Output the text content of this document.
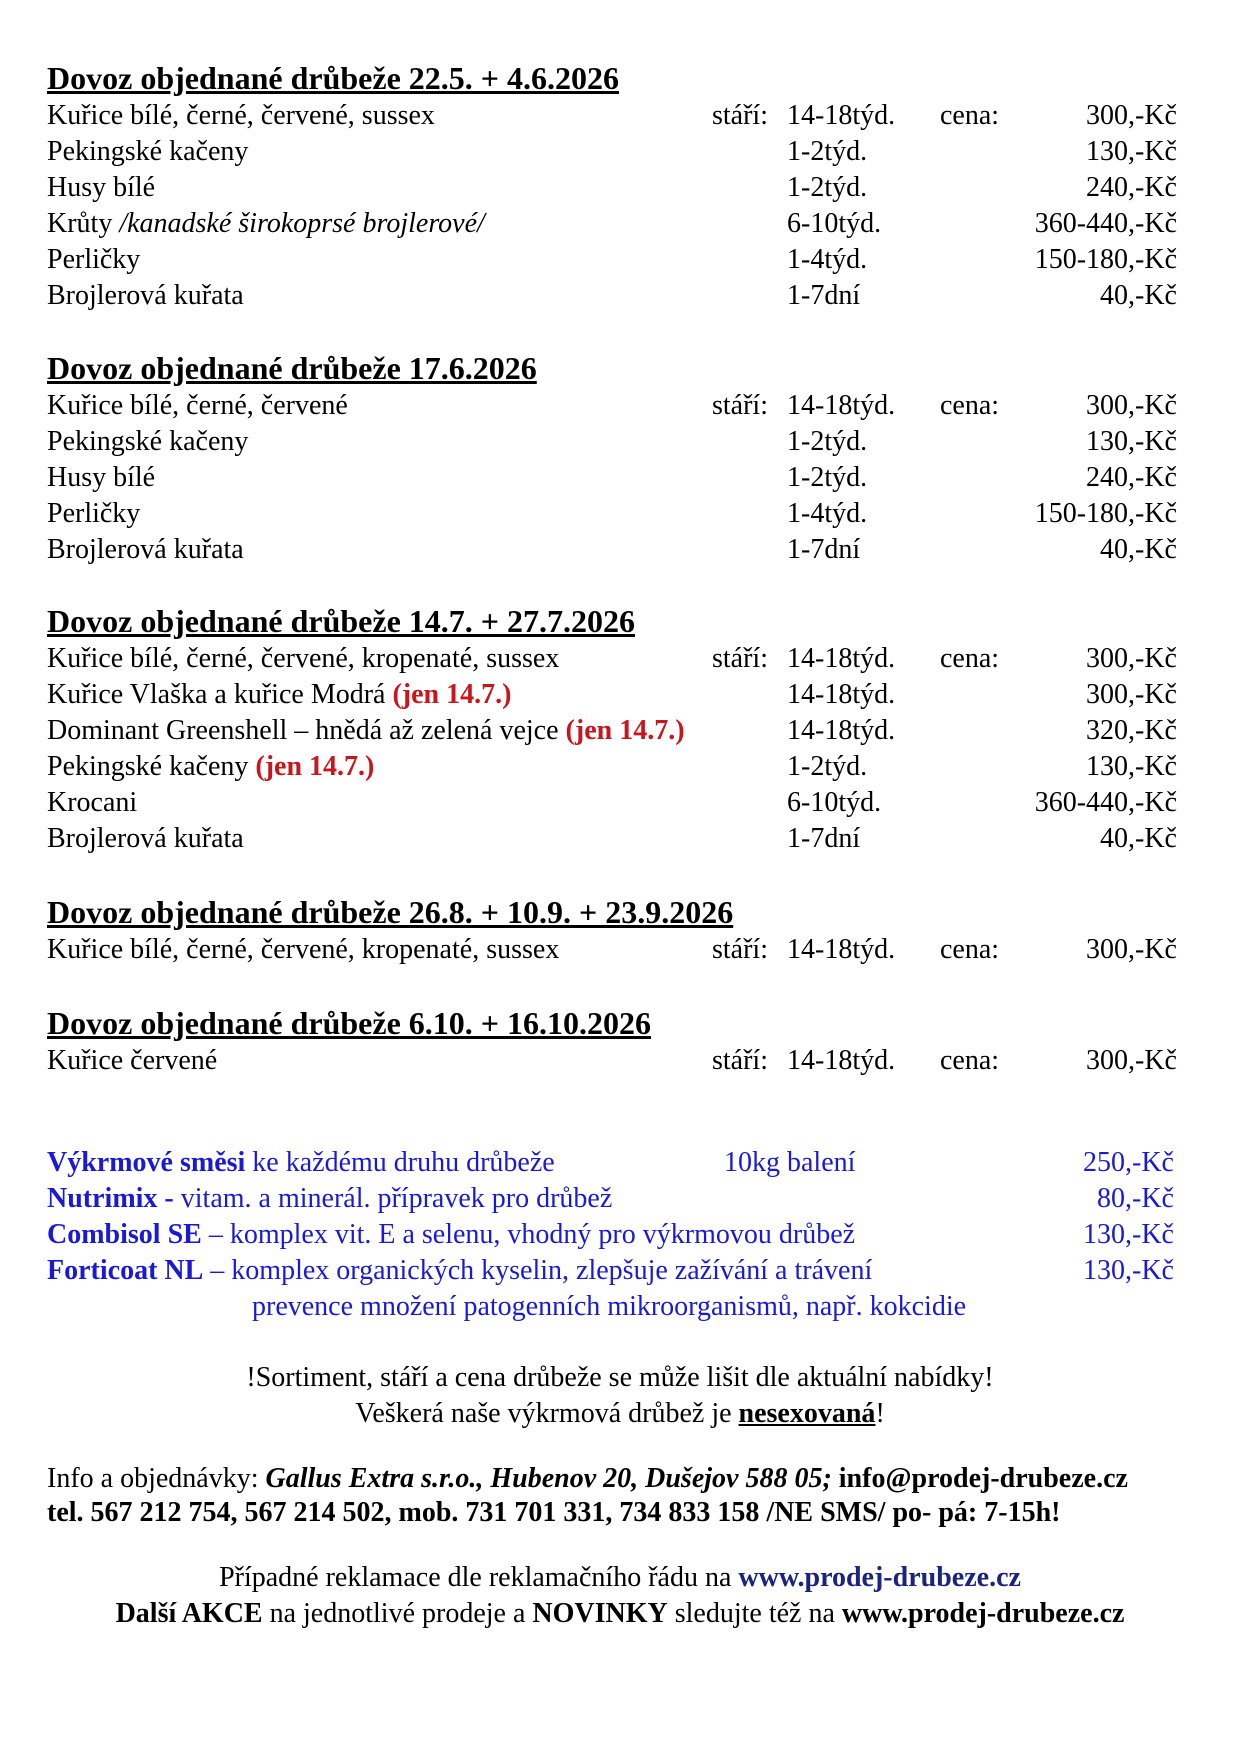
Dovoz objednané drůbeže 22.5. + 4.6.2026
Kuřice bílé, černé, červené, sussex	stáří: 14-18týd. cena:	300,-Kč
Pekingské kačeny	1-2týd.	130,-Kč
Husy bílé	1-2týd.	240,-Kč
Krůty /kanadské širokoprsé brojlerové/	6-10týd.	360-440,-Kč
Perličky	1-4týd.	150-180,-Kč
Brojlerová kuřata	1-7dní	40,-Kč
Dovoz objednané drůbeže 17.6.2026
Kuřice bílé, černé, červené	stáří: 14-18týd. cena:	300,-Kč
Pekingské kačeny	1-2týd.	130,-Kč
Husy bílé	1-2týd.	240,-Kč
Perličky	1-4týd.	150-180,-Kč
Brojlerová kuřata	1-7dní	40,-Kč
Dovoz objednané drůbeže 14.7. + 27.7.2026
Kuřice bílé, černé, červené, kropenaté, sussex	stáří: 14-18týd. cena:	300,-Kč
Kuřice Vlaška a kuřice Modrá (jen 14.7.)	14-18týd.	300,-Kč
Dominant Greenshell – hnědá až zelená vejce (jen 14.7.)	14-18týd.	320,-Kč
Pekingské kačeny (jen 14.7.)	1-2týd.	130,-Kč
Krocani	6-10týd.	360-440,-Kč
Brojlerová kuřata	1-7dní	40,-Kč
Dovoz objednané drůbeže 26.8. + 10.9. + 23.9.2026
Kuřice bílé, černé, červené, kropenaté, sussex	stáří: 14-18týd. cena:	300,-Kč
Dovoz objednané drůbeže 6.10. + 16.10.2026
Kuřice červené	stáří: 14-18týd. cena:	300,-Kč
Výkrmové směsi ke každému druhu drůbeže	10kg balení	250,-Kč
Nutrimix - vitam. a minerál. přípravek pro drůbež	80,-Kč
Combisol SE – komplex vit. E a selenu, vhodný pro výkrmovou drůbež	130,-Kč
Forticoat NL – komplex organických kyselin, zlepšuje zažívání a trávení	130,-Kč
prevence množení patogenních mikroorganismů, např. kokcidie
!Sortiment, stáří a cena drůbeže se může lišit dle aktuální nabídky!
Veškerá naše výkrmová drůbež je nesexovaná!
Info a objednávky: Gallus Extra s.r.o., Hubenov 20, Dušejov 588 05; info@prodej-drubeze.cz
tel. 567 212 754, 567 214 502, mob. 731 701 331, 734 833 158 /NE SMS/ po- pá: 7-15h!
Případné reklamace dle reklamačního řádu na www.prodej-drubeze.cz
Další AKCE na jednotlivé prodeje a NOVINKY sledujte též na www.prodej-drubeze.cz
